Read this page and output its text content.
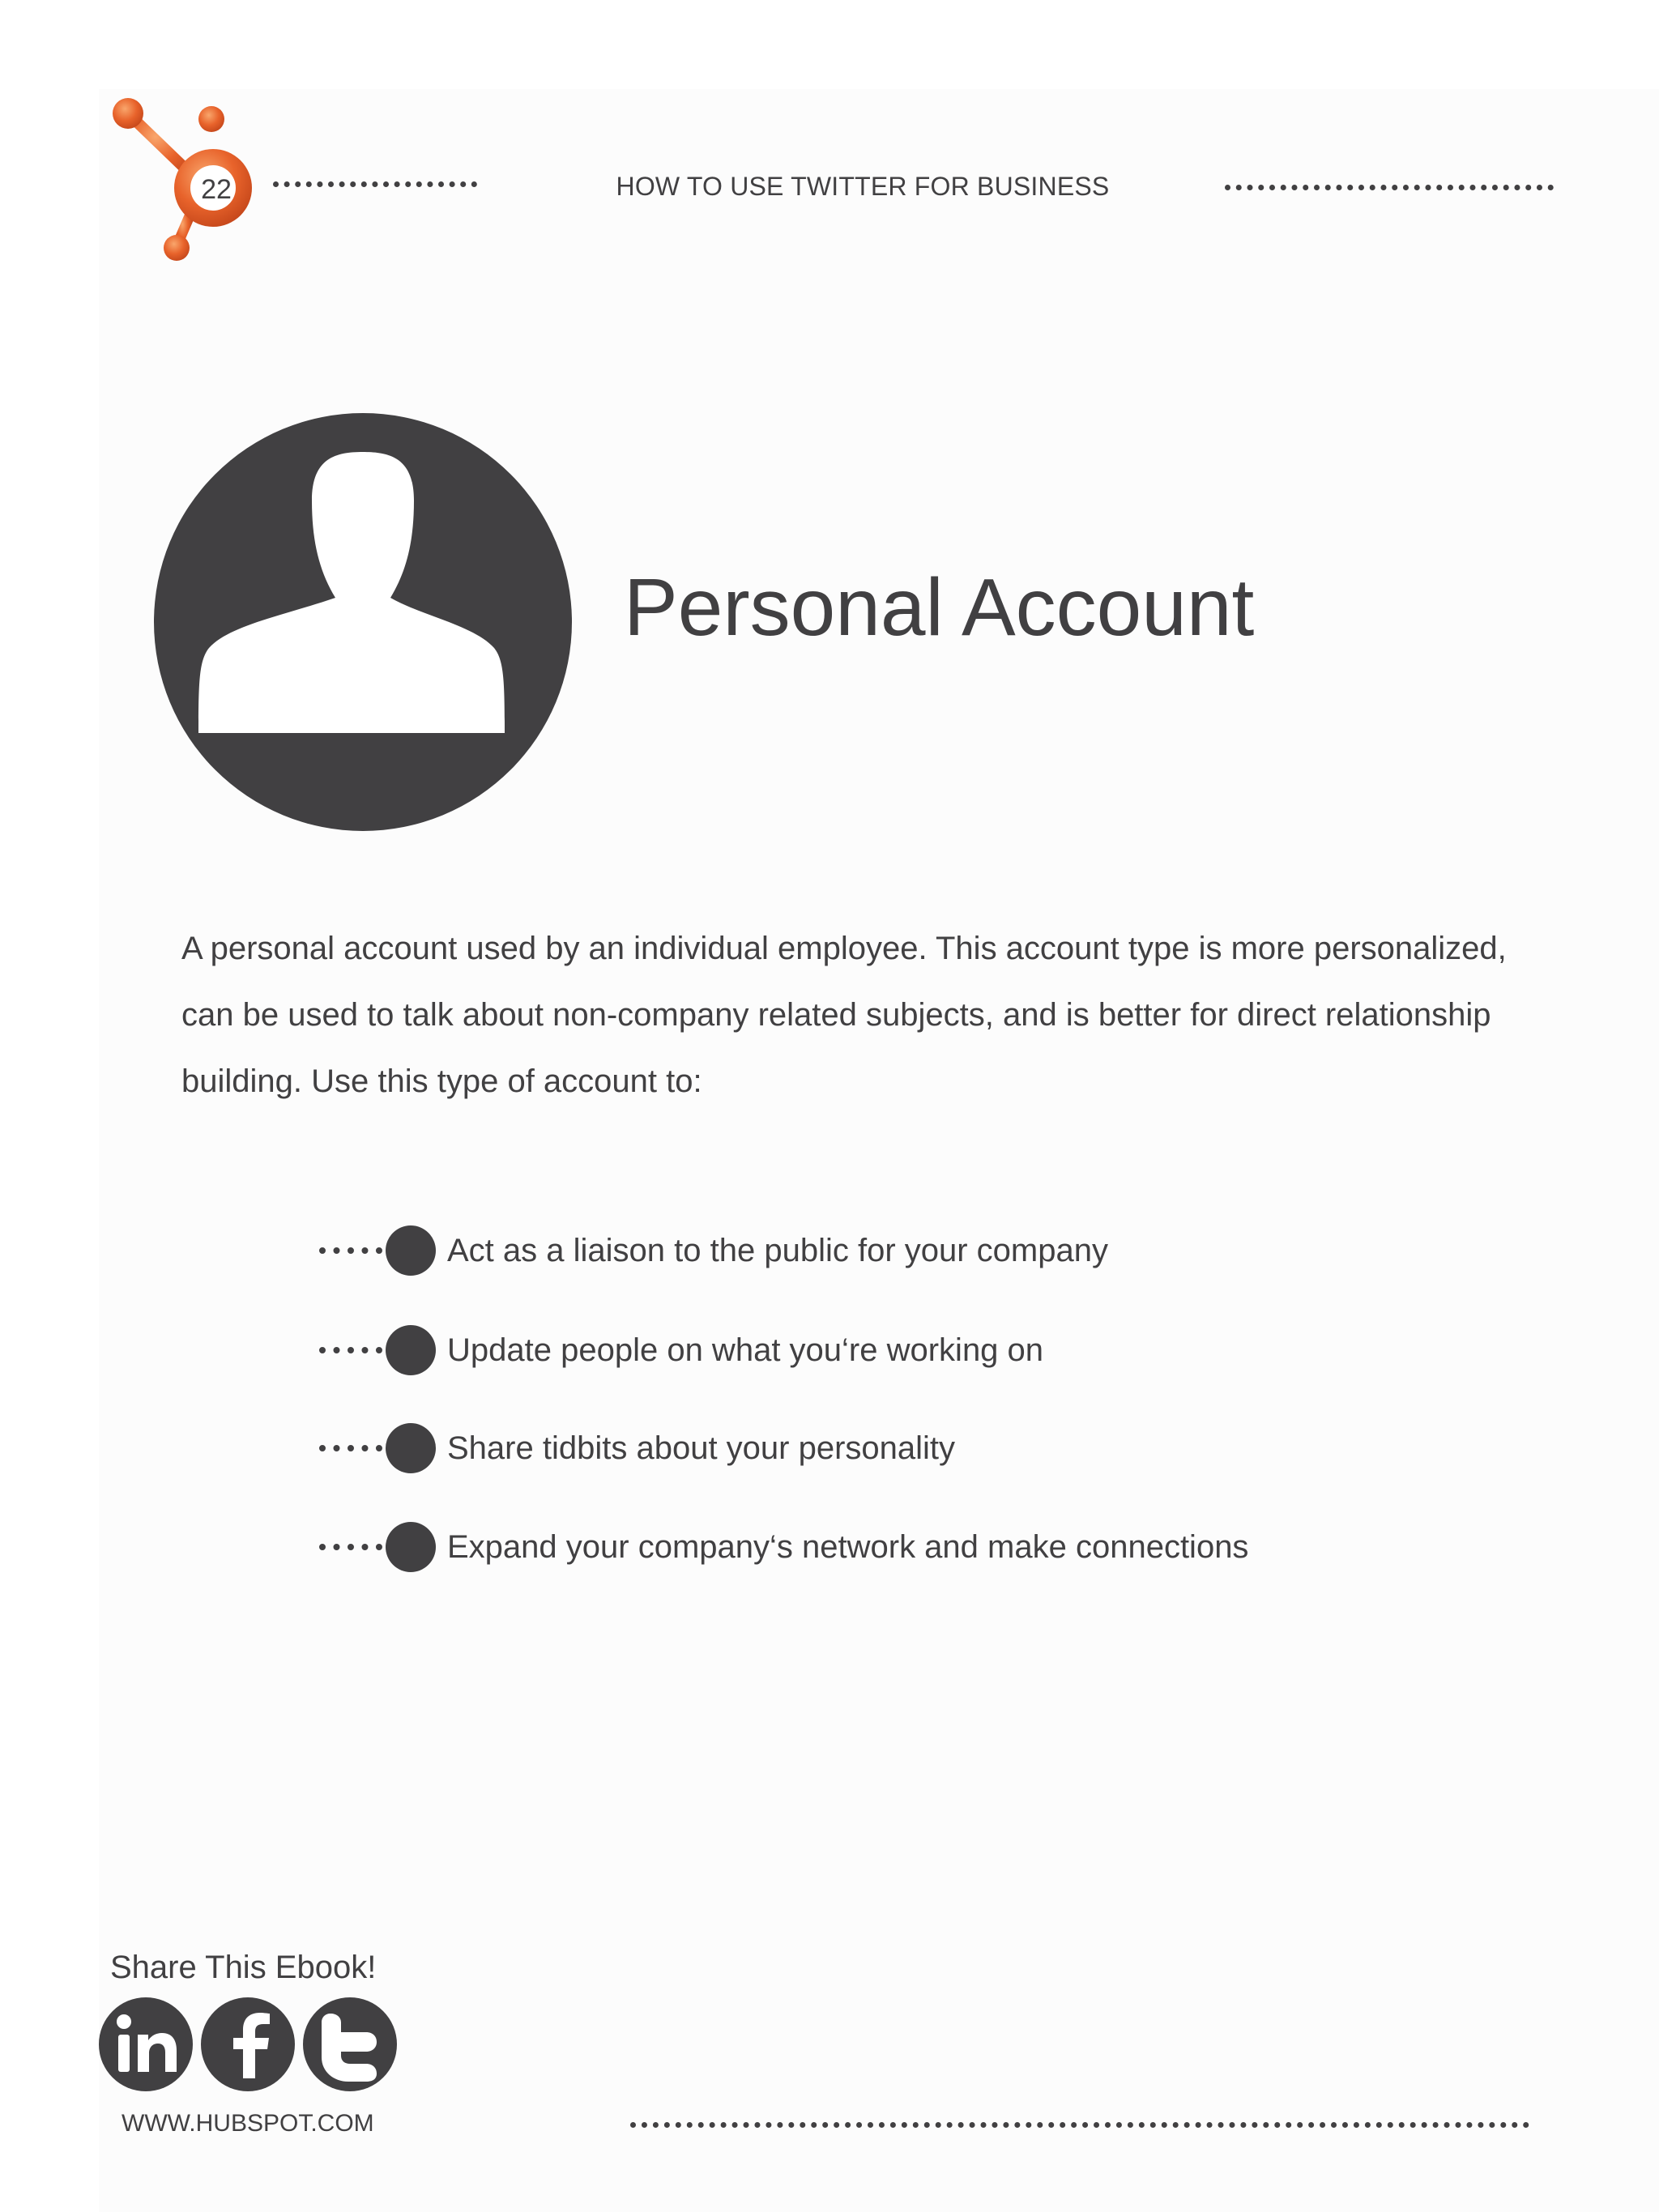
22	HOW TO USE TWITTER FOR BUSINESS
Personal Account
A personal account used by an individual employee. This account type is more personalized, can be used to talk about non-company related subjects, and is better for direct relationship building. Use this type of account to:
Act as a liaison to the public for your company
Update people on what you‘re working on
Share tidbits about your personality
Expand your company‘s network and make connections
Share This Ebook!
WWW.HUBSPOT.COM
